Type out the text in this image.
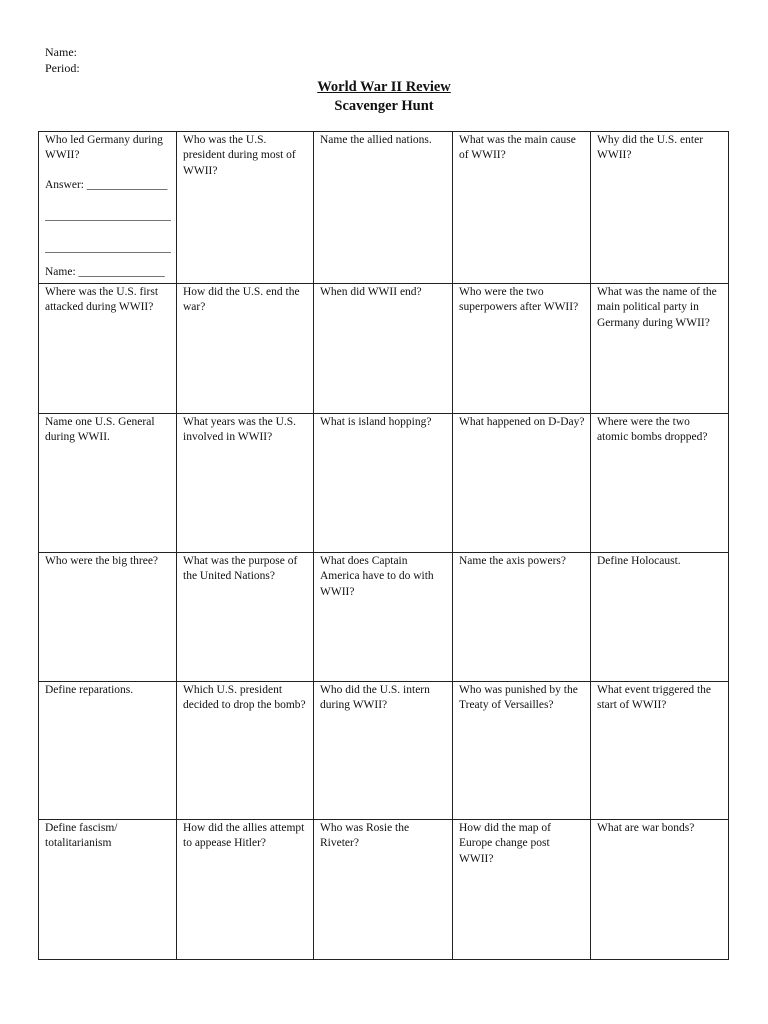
Name:
Period:
World War II Review
Scavenger Hunt
Who led Germany during WWII?
Answer: ______________
______________________
______________________
Name: _______________	Who was the U.S. president during most of WWII?	Name the allied nations.	What was the main cause of WWII?	Why did the U.S. enter WWII?
Where was the U.S. first attacked during WWII?	How did the U.S. end the war?	When did WWII end?	Who were the two superpowers after WWII?	What was the name of the main political party in Germany during WWII?
Name one U.S. General during WWII.	What years was the U.S. involved in WWII?	What is island hopping?	What happened on D-Day?	Where were the two atomic bombs dropped?
Who were the big three?	What was the purpose of the United Nations?	What does Captain America have to do with WWII?	Name the axis powers?	Define Holocaust.
Define reparations.	Which U.S. president decided to drop the bomb?	Who did the U.S. intern during WWII?	Who was punished by the Treaty of Versailles?	What event triggered the start of WWII?
Define fascism/ totalitarianism	How did the allies attempt to appease Hitler?	Who was Rosie the Riveter?	How did the map of Europe change post WWII?	What are war bonds?
